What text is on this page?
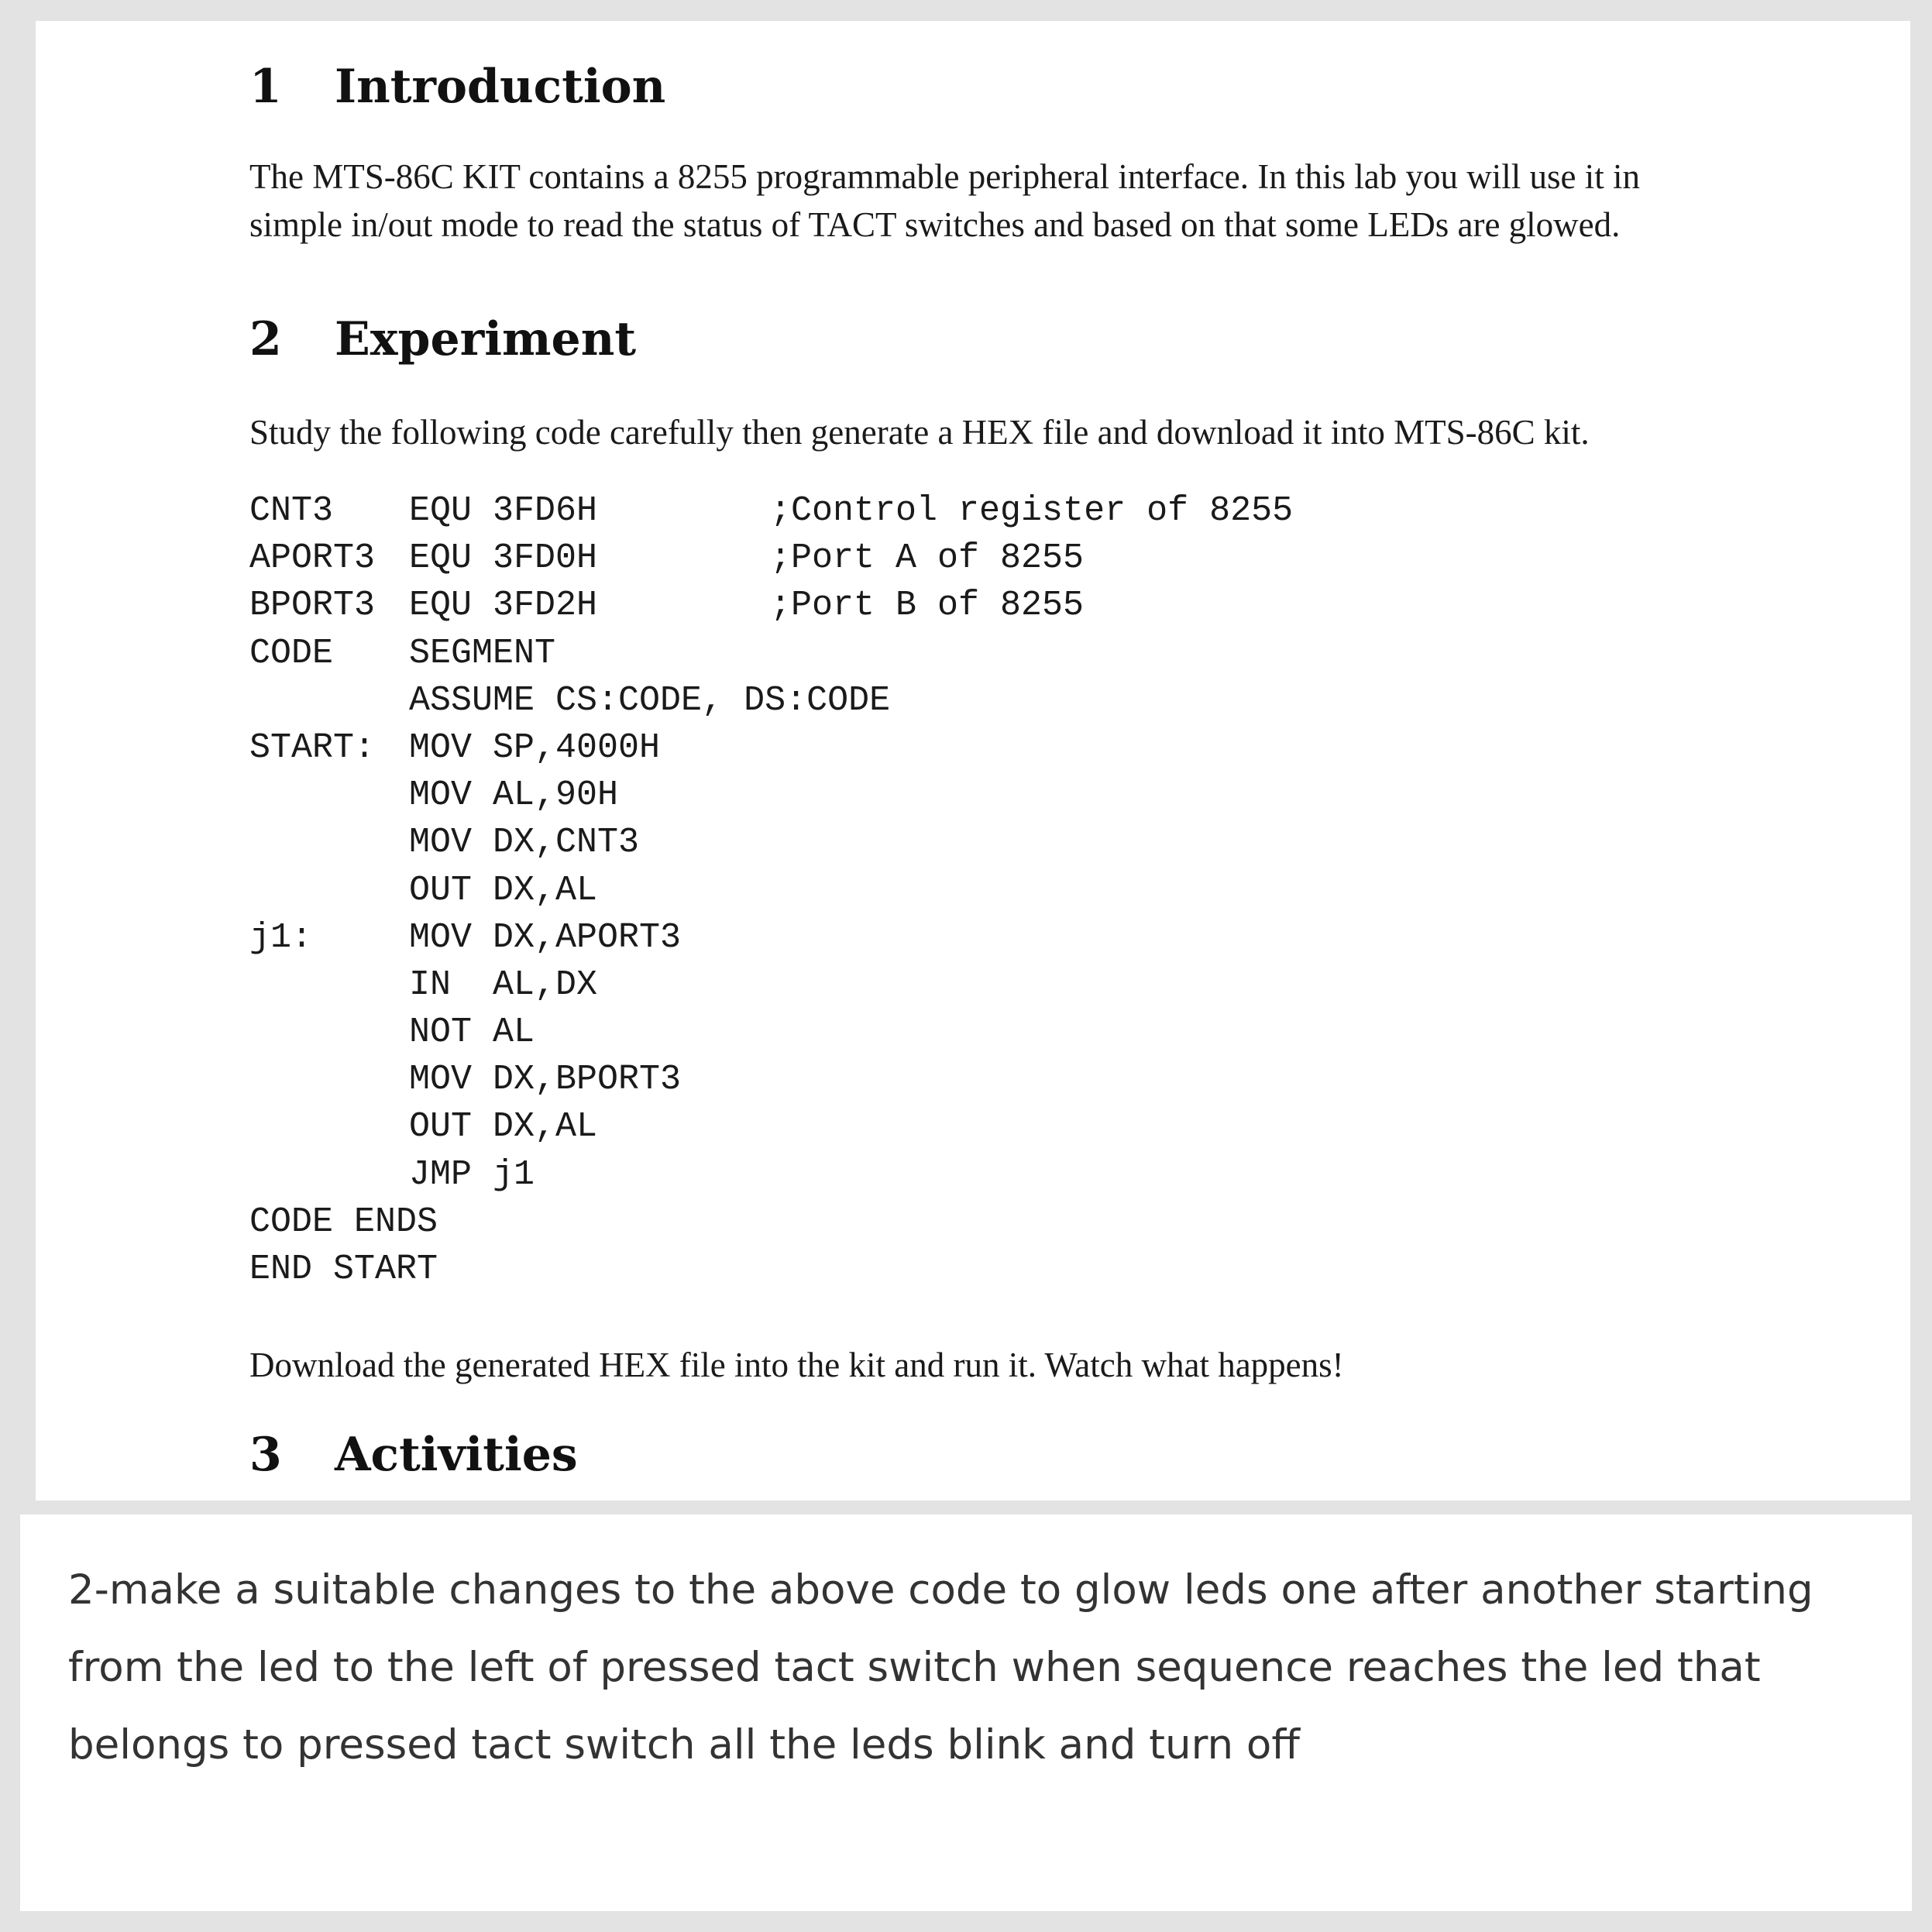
1 Introduction
The MTS-86C KIT contains a 8255 programmable peripheral interface. In this lab you will use it in
simple in/out mode to read the status of TACT switches and based on that some LEDs are glowed.
2 Experiment
Study the following code carefully then generate a HEX file and download it into MTS-86C kit.
CNT3 EQU 3FD6H	;Control register of 8255
APORT3 EQU 3FD0H	;Port A of 8255
BPORT3 EQU 3FD2H	;Port B of 8255
CODE SEGMENT
ASSUME CS:CODE, DS:CODE
START: MOV SP,4000H
MOV AL,90H
MOV DX,CNT3
OUT DX,AL
j1:	MOV DX,APORT3
IN  AL,DX
NOT AL
MOV DX,BPORT3
OUT DX,AL
JMP j1
CODE ENDS
END START
Download the generated HEX file into the kit and run it. Watch what happens!
3 Activities
2-make a suitable changes to the above code to glow leds one after another starting from the led to the left of pressed tact switch when sequence reaches the led that belongs to pressed tact switch all the leds blink and turn off
